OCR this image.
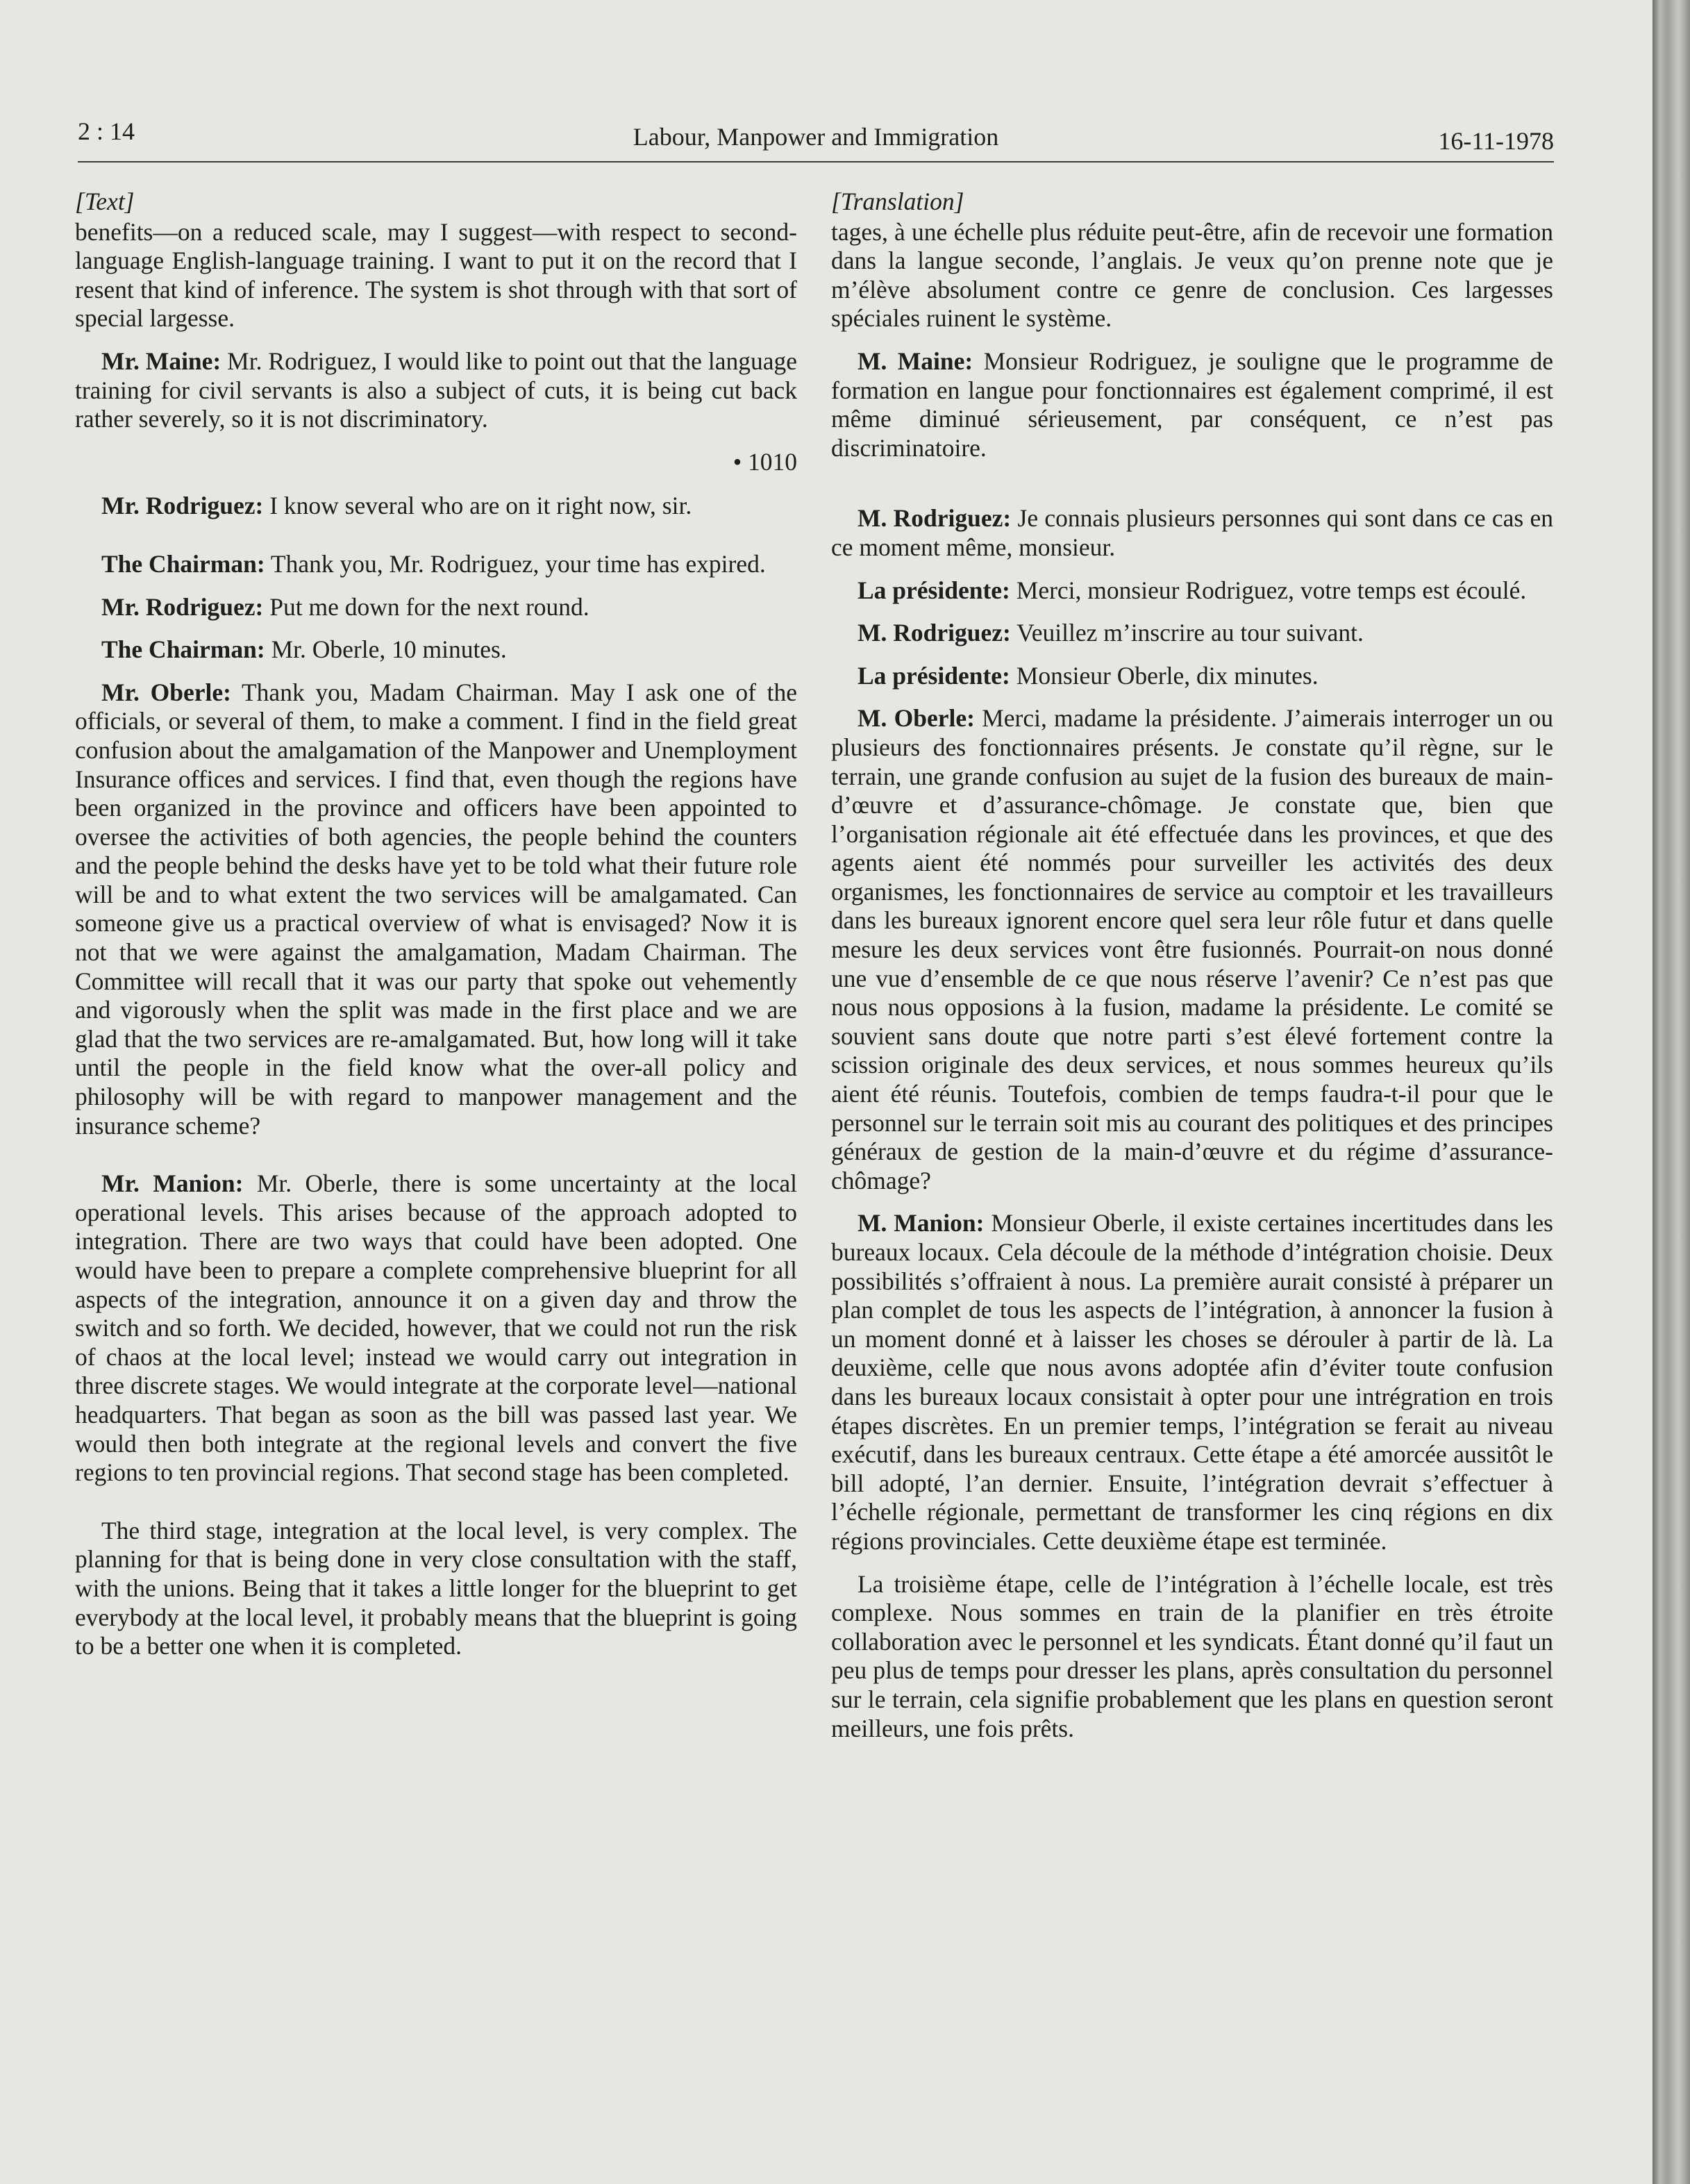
2 : 14	Labour, Manpower and Immigration	16-11-1978
[Text]

benefits—on a reduced scale, may I suggest—with respect to second-language English-language training. I want to put it on the record that I resent that kind of inference. The system is shot through with that sort of special largesse.

Mr. Maine: Mr. Rodriguez, I would like to point out that the language training for civil servants is also a subject of cuts, it is being cut back rather severely, so it is not discriminatory.

• 1010

Mr. Rodriguez: I know several who are on it right now, sir.

The Chairman: Thank you, Mr. Rodriguez, your time has expired.

Mr. Rodriguez: Put me down for the next round.

The Chairman: Mr. Oberle, 10 minutes.

Mr. Oberle: Thank you, Madam Chairman. May I ask one of the officials, or several of them, to make a comment. I find in the field great confusion about the amalgamation of the Manpower and Unemployment Insurance offices and services. I find that, even though the regions have been organized in the province and officers have been appointed to oversee the activities of both agencies, the people behind the counters and the people behind the desks have yet to be told what their future role will be and to what extent the two services will be amalgamated. Can someone give us a practical overview of what is envisaged? Now it is not that we were against the amalgamation, Madam Chairman. The Committee will recall that it was our party that spoke out vehemently and vigorously when the split was made in the first place and we are glad that the two services are re-amalgamated. But, how long will it take until the people in the field know what the over-all policy and philosophy will be with regard to manpower management and the insurance scheme?

Mr. Manion: Mr. Oberle, there is some uncertainty at the local operational levels. This arises because of the approach adopted to integration. There are two ways that could have been adopted. One would have been to prepare a complete comprehensive blueprint for all aspects of the integration, announce it on a given day and throw the switch and so forth. We decided, however, that we could not run the risk of chaos at the local level; instead we would carry out integration in three discrete stages. We would integrate at the corporate level—national headquarters. That began as soon as the bill was passed last year. We would then both integrate at the regional levels and convert the five regions to ten provincial regions. That second stage has been completed.

The third stage, integration at the local level, is very complex. The planning for that is being done in very close consultation with the staff, with the unions. Being that it takes a little longer for the blueprint to get everybody at the local level, it probably means that the blueprint is going to be a better one when it is completed.

[Translation]

tages, à une échelle plus réduite peut-être, afin de recevoir une formation dans la langue seconde, l’anglais. Je veux qu’on prenne note que je m’élève absolument contre ce genre de conclusion. Ces largesses spéciales ruinent le système.

M. Maine: Monsieur Rodriguez, je souligne que le programme de formation en langue pour fonctionnaires est également comprimé, il est même diminué sérieusement, par conséquent, ce n’est pas discriminatoire.

M. Rodriguez: Je connais plusieurs personnes qui sont dans ce cas en ce moment même, monsieur.

La présidente: Merci, monsieur Rodriguez, votre temps est écoulé.

M. Rodriguez: Veuillez m’inscrire au tour suivant.

La présidente: Monsieur Oberle, dix minutes.

M. Oberle: Merci, madame la présidente. J’aimerais interroger un ou plusieurs des fonctionnaires présents. Je constate qu’il règne, sur le terrain, une grande confusion au sujet de la fusion des bureaux de main-d’œuvre et d’assurance-chômage. Je constate que, bien que l’organisation régionale ait été effectuée dans les provinces, et que des agents aient été nommés pour surveiller les activités des deux organismes, les fonctionnaires de service au comptoir et les travailleurs dans les bureaux ignorent encore quel sera leur rôle futur et dans quelle mesure les deux services vont être fusionnés. Pourrait-on nous donné une vue d’ensemble de ce que nous réserve l’avenir? Ce n’est pas que nous nous opposions à la fusion, madame la présidente. Le comité se souvient sans doute que notre parti s’est élevé fortement contre la scission originale des deux services, et nous sommes heureux qu’ils aient été réunis. Toutefois, combien de temps faudra-t-il pour que le personnel sur le terrain soit mis au courant des politiques et des principes généraux de gestion de la main-d’œuvre et du régime d’assurance-chômage?

M. Manion: Monsieur Oberle, il existe certaines incertitudes dans les bureaux locaux. Cela découle de la méthode d’intégration choisie. Deux possibilités s’offraient à nous. La première aurait consisté à préparer un plan complet de tous les aspects de l’intégration, à annoncer la fusion à un moment donné et à laisser les choses se dérouler à partir de là. La deuxième, celle que nous avons adoptée afin d’éviter toute confusion dans les bureaux locaux consistait à opter pour une intrégration en trois étapes discrètes. En un premier temps, l’intégration se ferait au niveau exécutif, dans les bureaux centraux. Cette étape a été amorcée aussitôt le bill adopté, l’an dernier. Ensuite, l’intégration devrait s’effectuer à l’échelle régionale, permettant de transformer les cinq régions en dix régions provinciales. Cette deuxième étape est terminée.

La troisième étape, celle de l’intégration à l’échelle locale, est très complexe. Nous sommes en train de la planifier en très étroite collaboration avec le personnel et les syndicats. Étant donné qu’il faut un peu plus de temps pour dresser les plans, après consultation du personnel sur le terrain, cela signifie probablement que les plans en question seront meilleurs, une fois prêts.
